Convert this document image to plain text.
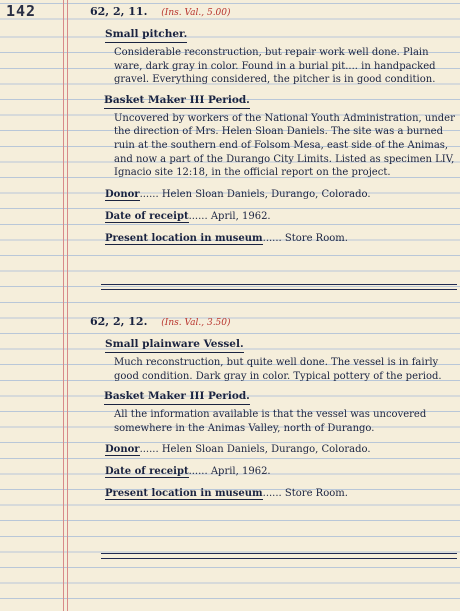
142	62, 2, 11. (Ins. Val., 5.00)
Small pitcher.
Considerable reconstruction, but repair work well done. Plain ware, dark gray in color. Found in a burial pit.... in handpacked gravel. Everything considered, the pitcher is in good condition.
Basket Maker III Period.
Uncovered by workers of the National Youth Administration, under the direction of Mrs. Helen Sloan Daniels. The site was a burned ruin at the southern end of Folsom Mesa, east side of the Animas, and now a part of the Durango City Limits. Listed as specimen LIV, Ignacio site 12:18, in the official report on the project.
Donor...... Helen Sloan Daniels, Durango, Colorado.
Date of receipt...... April, 1962.
Present location in museum...... Store Room.
62, 2, 12. (Ins. Val., 3.50)
Small plainware Vessel.
Much reconstruction, but quite well done. The vessel is in fairly good condition. Dark gray in color. Typical pottery of the period.
Basket Maker III Period.
All the information available is that the vessel was uncovered somewhere in the Animas Valley, north of Durango.
Donor...... Helen Sloan Daniels, Durango, Colorado.
Date of receipt...... April, 1962.
Present location in museum...... Store Room.
